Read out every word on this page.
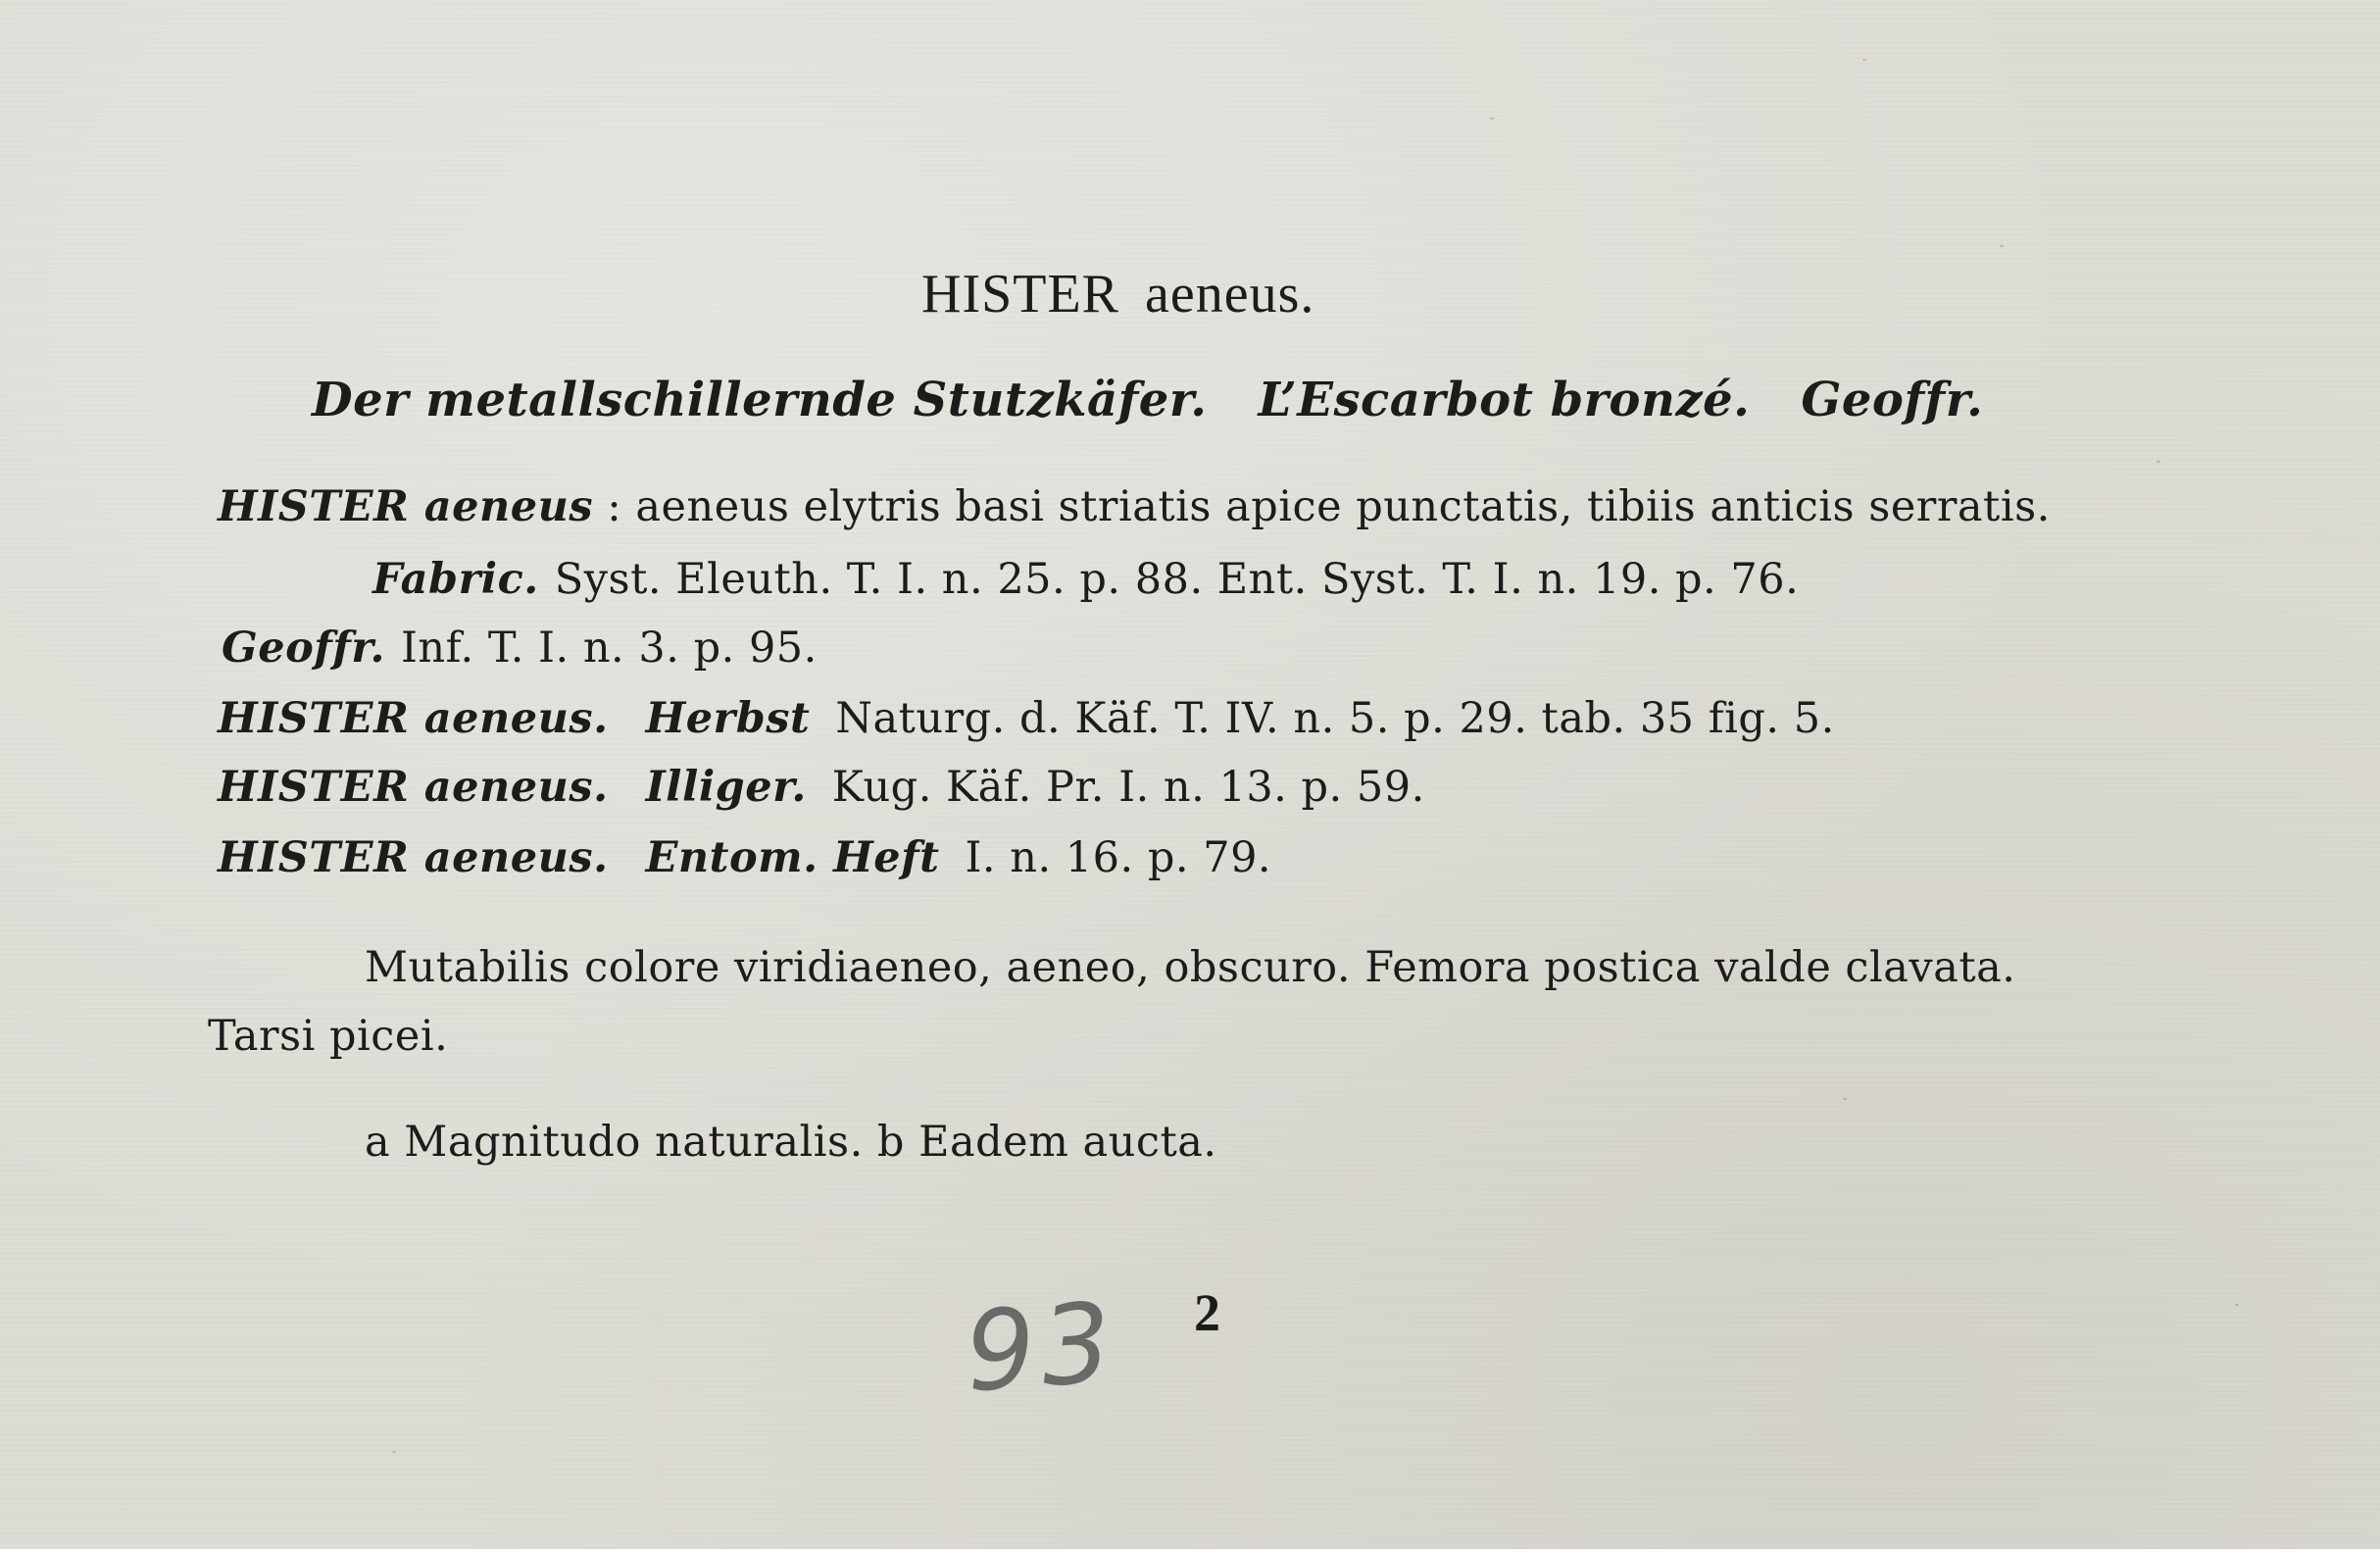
HISTER aeneus.
Der metallschillernde Stutzkäfer. L’Escarbot bronzé. Geoffr.
HISTER aeneus : aeneus elytris basi striatis apice punctatis, tibiis anticis serratis.
Fabric. Syst. Eleuth. T. I. n. 25. p. 88. Ent. Syst. T. I. n. 19. p. 76.
Geoffr. Inf. T. I. n. 3. p. 95.
HISTER aeneus. Herbst Naturg. d. Käf. T. IV. n. 5. p. 29. tab. 35 fig. 5.
HISTER aeneus. Illiger. Kug. Käf. Pr. I. n. 13. p. 59.
HISTER aeneus. Entom. Heft I. n. 16. p. 79.
Mutabilis colore viridiaeneo, aeneo, obscuro. Femora postica valde clavata.
Tarsi picei.
a Magnitudo naturalis. b Eadem aucta.
93 2
